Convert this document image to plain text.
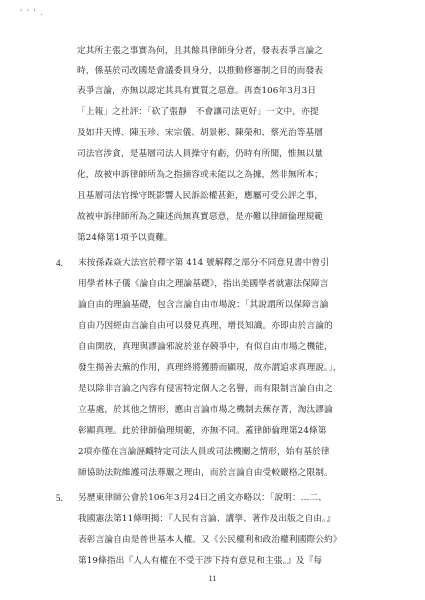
' ' ' .
定其所主張之事實為何，且其餘具律師身分者，發表表爭言論之
時，係基於司改國是會議委員身分，以推動修審制之目的而發表
表爭言論，亦無以認定其具有實質之惡意。再查106年3月3日
「上報」之社評：「砍了張靜　不會讓司法更好」一文中，亦提
及如井天博、陳玉珍、宋宗儀、胡景彬、陳榮和、蔡光治等基層
司法官涉貪，是基層司法人員操守有虧，仍時有所聞，惟無以量
化，故被申訴律師所為之指摘容或未能以之為據，然非無所本；
且基層司法官操守既影響人民訴訟權甚鉅，應屬可受公評之事，
故被申訴律師所為之陳述尚無真實惡意，是亦難以律師倫理規範
第24條第1項予以責難。
4. 末按孫森焱大法官於釋字第 414 號解釋之部分不同意見書中曾引
用學者林子儀《論自由之理論基礎》，指出美國學者就憲法保障言
論自由的理論基礎，包含言論自由市場說：「其說謂所以保障言論
自由乃因經由言論自由可以發見真理，增長知識。亦即由於言論的
自由開放，真理與謬論邪說於並存競爭中，有似自由市場之機能，
發生揚善去蕪的作用，真理終將獲勝而顯現，故亦謂追求真理說。」，
是以除非言論之內容有侵害特定個人之名譽，而有限制言論自由之
立基處，於其他之情形，應由言論市場之機制去蕪存菁，淘汰謬論
彰顯真理。此於律師倫理規範，亦無不同。蓋律師倫理第24條第
2項亦僅在言論誣衊特定司法人員或司法機關之情形，始有基於律
師協助法院維護司法尊嚴之理由，而於言論自由受較嚴格之限制。
5. 另歷東律師公會於106年3月24日之函文亦略以：「說明：...二、
我國憲法第11條明揭：『人民有言論、講學、著作及出版之自由。』
表彰言論自由是普世基本人權。又《公民權利和政治權利國際公約》
第19條指出『人人有權在不受干涉下持有意見和主張。』及『每
11
